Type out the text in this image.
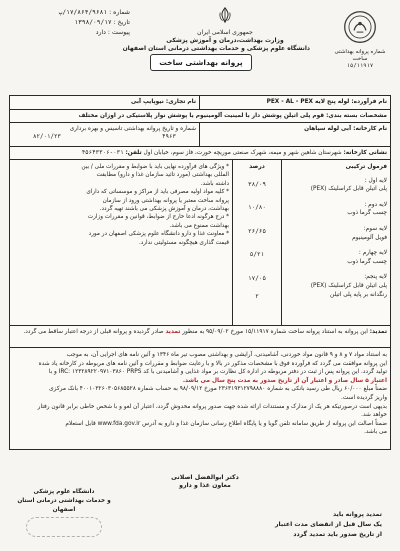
شماره : ۱۷/۸۶۴/۹۶۸۱/پ
تاریخ : ۱۳۹۸/۰۹/۱۷
پیوست : دارد	جمهوری اسلامی ایران
وزارت بهداشت،درمان و آموزش پزشکی
دانشگاه علوم پزشکی و خدمات بهداشتی درمانی استان اصفهان	شماره پروانه بهداشتی ساخت
۱۵/۱۱۹۱۷
پروانه بهداشتی ساخت
نام فرآورده: لوله پنج لایه PEX - AL - PEX
نام تجاری: نیوپایپ آبی
مشخصات بسته بندی: قوم پلی اتیلن پوشش دار با لمینیت آلومینیوم یا پوشش نوار پلاستیکی در اوزان مختلف
نام کارخانه: آبی لوله سپاهان
شماره و تاریخ پروانه بهداشتی تاسیس و بهره برداری
۴۹۶۳
۸۲/۰۱/۲۳
نشانی کارخانه: شهرستان شاهین شهر و میمه، شهرک صنعتی موریچه خورت، فاز سوم، خیابان اول تلفن: ۰۳۱-۴۵۶۴۳۳۰۶
فرمول ترکیبی
لایه اول :
پلی اتیلن قابل کراسلینک (PEX)
لایه دوم :
چسب گرما ذوب
لایه سوم:
فویل آلومینیوم
لایه چهارم :
چسب گرما ذوب
لایه پنجم:
پلی اتیلن قابل کراسلینک (PEX)
رنگدانه بر پایه پلی اتیلن
درصد
۳۸/۰۹
۱۰/۸۰
۲۶/۶۵
۵/۲۱
۱۷/۰۵
۲
* ویژگی های فرآورده نهایی باید با ضوابط و مقررات ملی / بین
المللی بهداشتی (مورد تائید سازمان غذا و دارو) مطابقت
داشته باشد.
* کلیه مواد اولیه مصرفی باید از مراکز و موسساتی که دارای
پروانه ساخت معتبر یا پروانه بهداشتی ورود از سازمان
بهداشت، درمان و آموزش پزشکی می باشند تهیه گردد.
* درج هرگونه ادعا خارج از ضوابط، قوانین و مقررات وزارت
بهداشت ممنوع می باشد.
* معاونت غذا و دارو دانشگاه علوم پزشکی اصفهان در مورد
قیمت گذاری هیچگونه مسئولیتی ندارد.
تمدید: این پروانه به استناد پروانه ساخت شماره ۱۵/۱۱۹۱۷ مورخ ۹۵/۰۹/۰۲ به منظور تمدید صادر گردیده و پروانه قبلی از درجه اعتبار ساقط می گردد.
به استناد مواد ۷ و ۸ و ۹ قانون مواد خوردنی، آشامیدنی، آرایشی و بهداشتی مصوب تیر ماه ۱۳۴۶ و آئین نامه های اجرایی آن، به موجب
این پروانه موافقت می گردد که فرآورده فوق با مشخصات مذکور در بالا و با رعایت ضوابط و مقررات و آئین نامه های مربوطه در کارخانه یاد شده
تولید گردد. این پروانه پس از ثبت در دفتر مربوطه در اداره کل نظارت بر مواد غذایی و آشامیدنی با کد IRC: ۱۲۳۲۸۹۲۲۰۹۷۱۰۳۸۶۰ PRPS و با
اعتبار ۵ سال صادر و اعتبار آن از تاریخ صدور به مدت پنج سال می باشد.
ضمناً مبلغ ۶۰/۰۰۰ ریال طی رسید بانکی به شماره ۲۳۶۳۱۹۳۱۲۷۹۸۸۸۰ مورخ ۹۸/۰۹/۱۲ به حساب شماره ۴۰۰۱۰۳۲۶۰۳۰۵۶۸۵۵۲۸ بانک مرکزی
واریز گردیده است.
بدیهی است درصورتیکه هر یک از مدارک و مستندات ارائه شده جهت صدور پروانه مخدوش گردد، اعتبار آن لغو و با شخص خاطی برابر قانون رفتار
خواهد شد.
ضمناً اصالت این پروانه از طریق سامانه تلفن گویا و یا پایگاه اطلاع رسانی سازمان غذا و دارو به آدرس www.fda.gov.ir قابل استعلام
می باشد.
دکتر ابوالفضل اصلانی
معاون غذا و دارو
دانشگاه علوم پزشکی
و خدمات بهداشتی درمانی استان اصفهان
تمدید پروانه باید
یک سال قبل از انقضای مدت اعتبار
از تاریخ صدور باید تمدید گردد
